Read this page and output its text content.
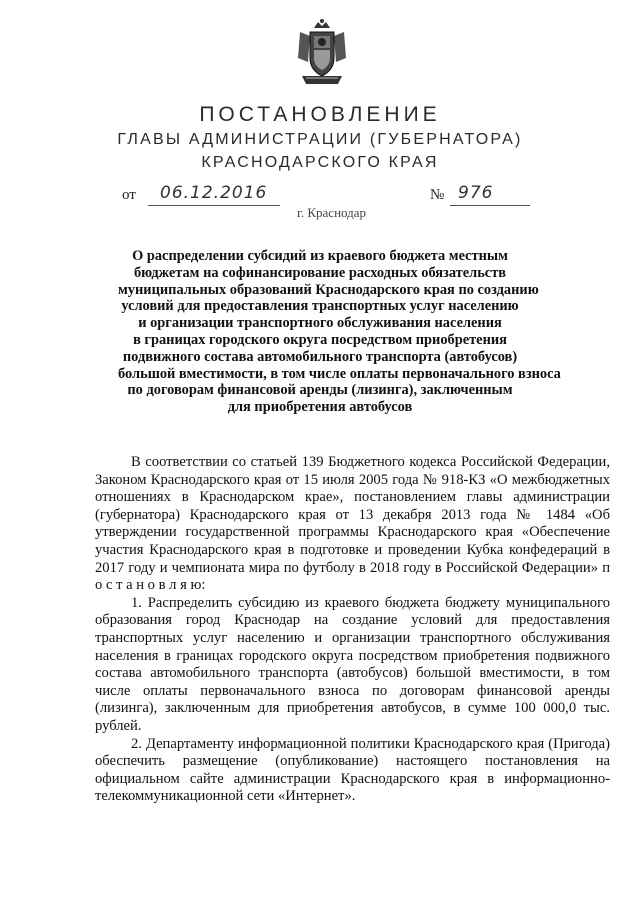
ПОСТАНОВЛЕНИЕ
ГЛАВЫ АДМИНИСТРАЦИИ (ГУБЕРНАТОРА)
КРАСНОДАРСКОГО КРАЯ
от 06.12.2016	№ 976
г. Краснодар
О распределении субсидий из краевого бюджета местным
бюджетам на софинансирование расходных обязательств
муниципальных образований Краснодарского края по созданию
условий для предоставления транспортных услуг населению
и организации транспортного обслуживания населения
в границах городского округа посредством приобретения
подвижного состава автомобильного транспорта (автобусов)
большой вместимости, в том числе оплаты первоначального взноса
по договорам финансовой аренды (лизинга), заключенным
для приобретения автобусов

В соответствии со статьей 139 Бюджетного кодекса Российской Федерации, Законом Краснодарского края от 15 июля 2005 года № 918-КЗ «О межбюджетных отношениях в Краснодарском крае», постановлением главы администрации (губернатора) Краснодарского края от 13 декабря 2013 года № 1484 «Об утверждении государственной программы Краснодарского края «Обеспечение участия Краснодарского края в подготовке и проведении Кубка конфедераций в 2017 году и чемпионата мира по футболу в 2018 году в Российской Федерации» п о с т а н о в л я ю:

1. Распределить субсидию из краевого бюджета бюджету муниципального образования город Краснодар на создание условий для предоставления транспортных услуг населению и организации транспортного обслуживания населения в границах городского округа посредством приобретения подвижного состава автомобильного транспорта (автобусов) большой вместимости, в том числе оплаты первоначального взноса по договорам финансовой аренды (лизинга), заключенным для приобретения автобусов, в сумме 100 000,0 тыс. рублей.

2. Департаменту информационной политики Краснодарского края (Пригода) обеспечить размещение (опубликование) настоящего постановления на официальном сайте администрации Краснодарского края в информационно-телекоммуникационной сети «Интернет».
